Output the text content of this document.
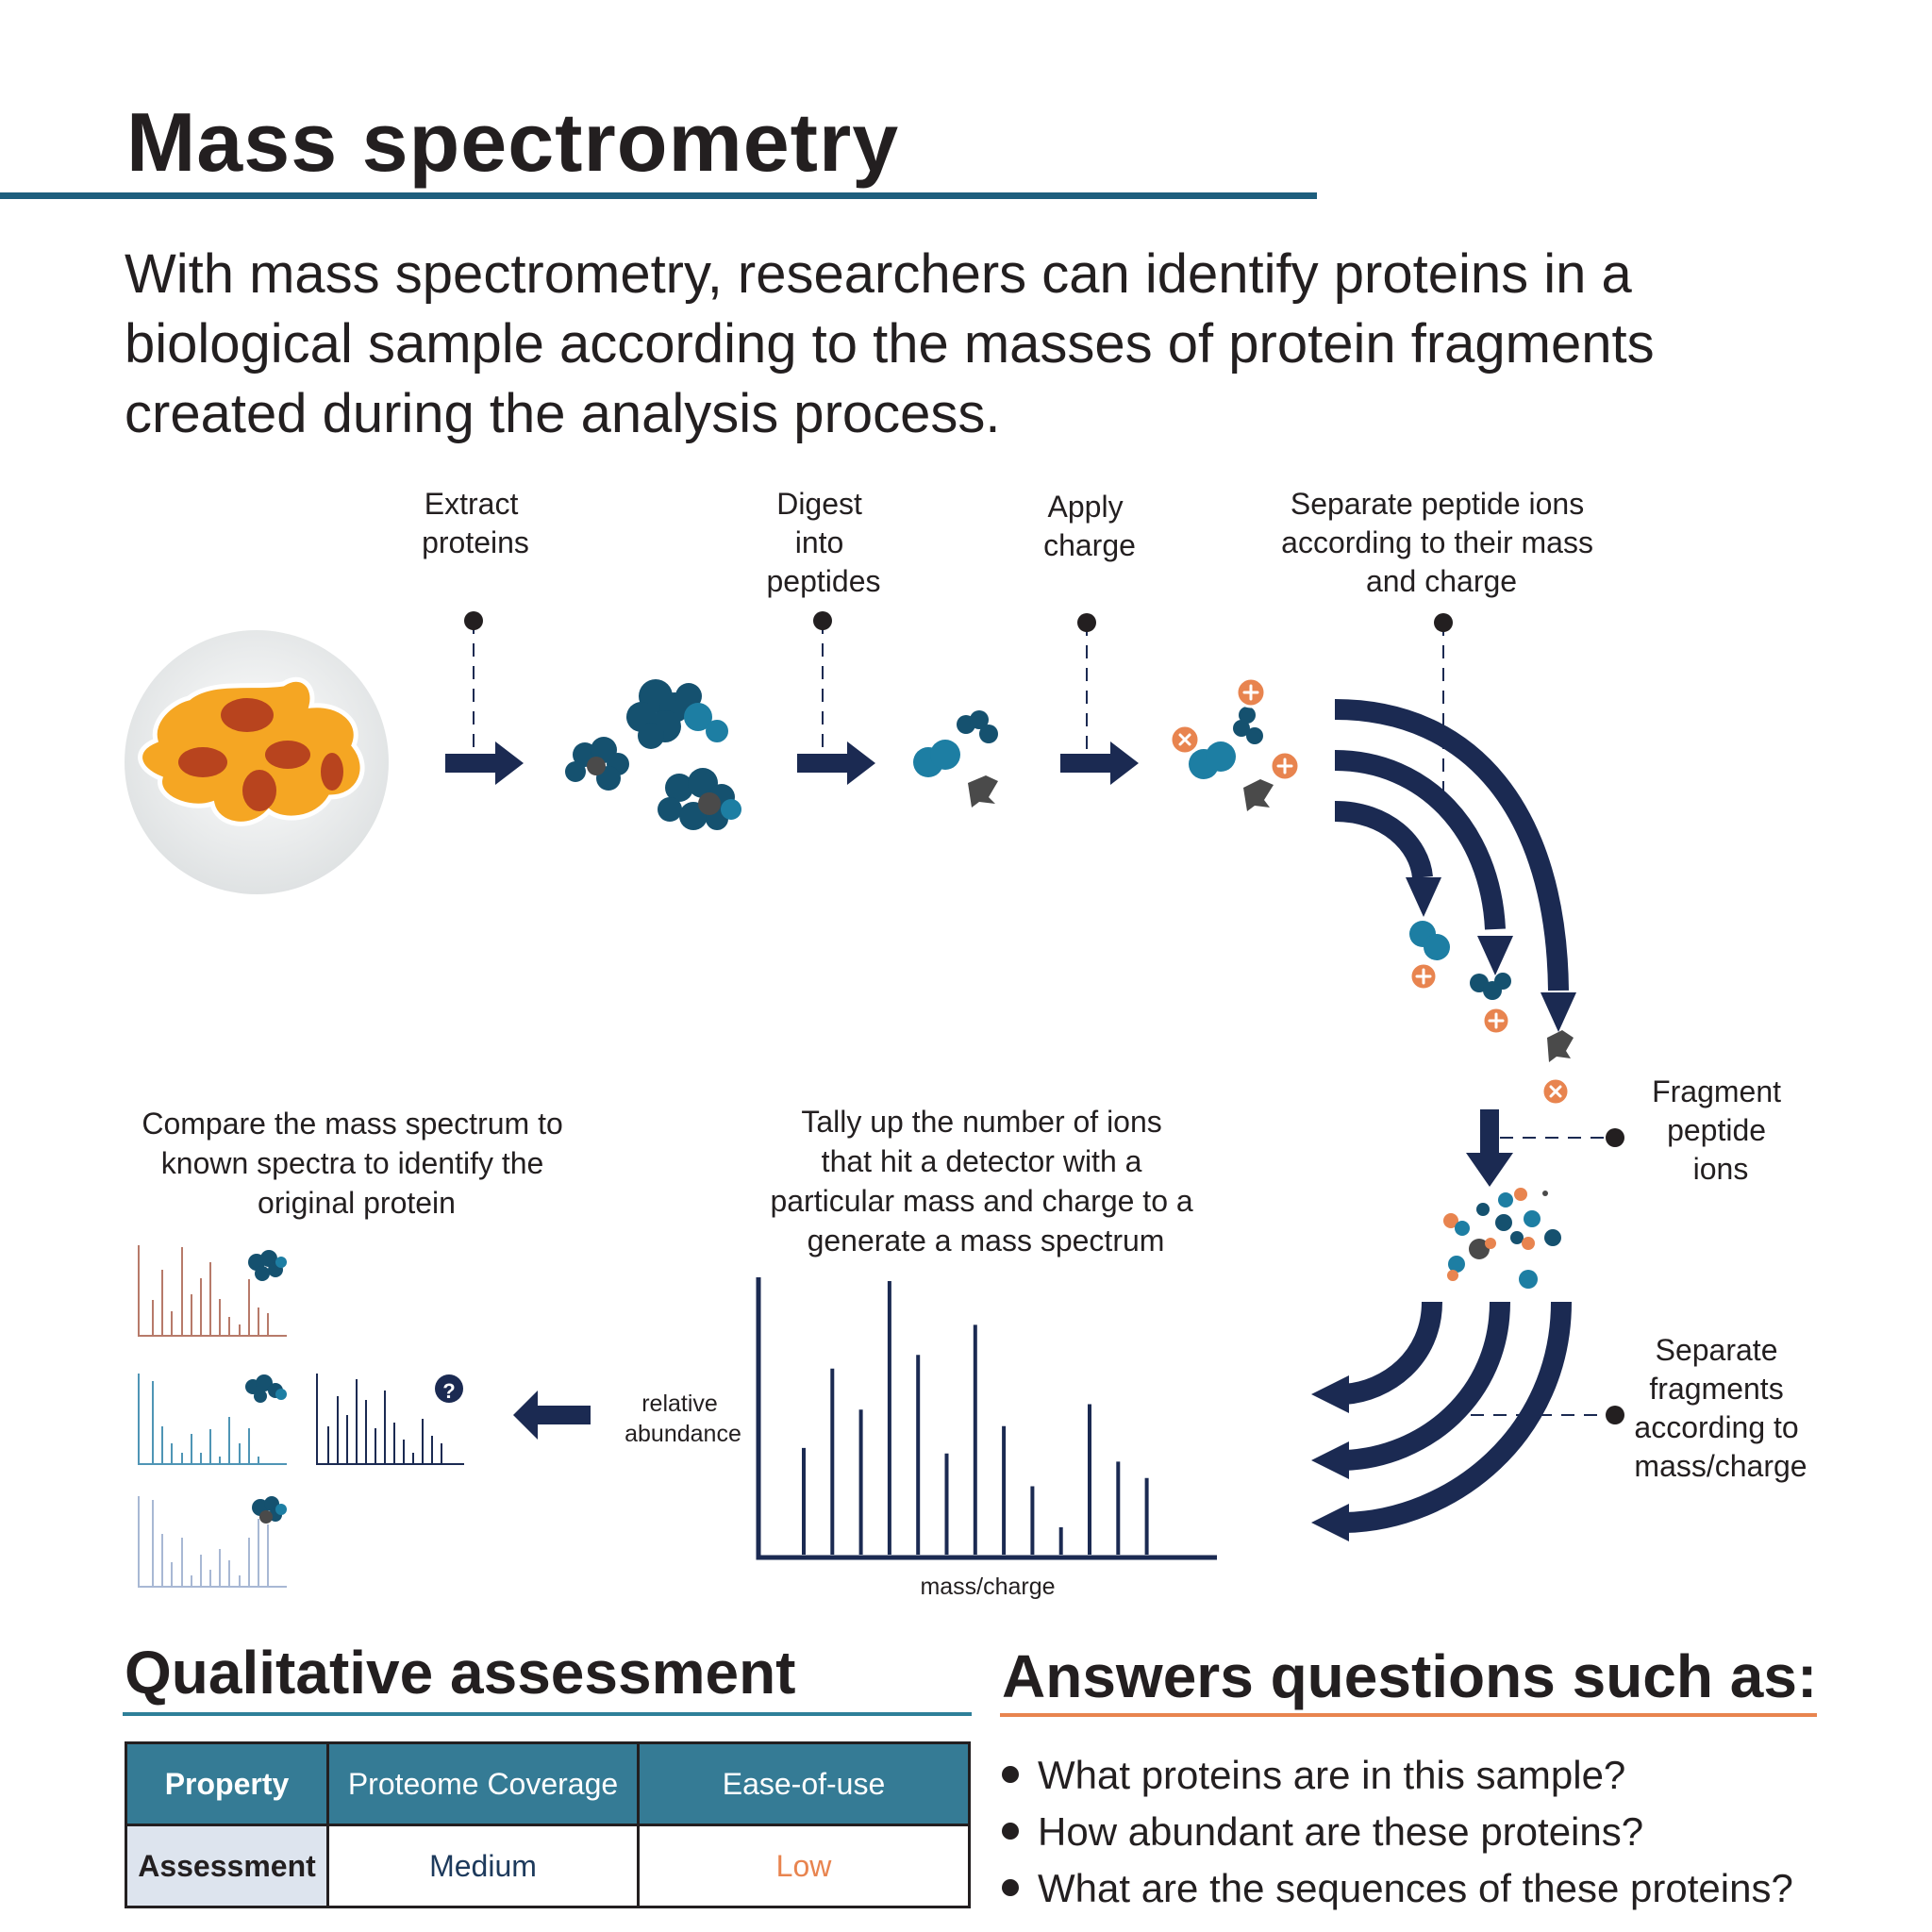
Mass spectrometry

With mass spectrometry, researchers can identify proteins in a biological sample according to the masses of protein fragments created during the analysis process.

Extract proteins
Digest into peptides
Apply charge
Separate peptide ions according to their mass and charge
Fragment peptide ions
Separate fragments according to mass/charge
Tally up the number of ions that hit a detector with a particular mass and charge to a generate a mass spectrum
relative abundance
mass/charge
Compare the mass spectrum to known spectra to identify the original protein
?
Qualitative assessment
Property	Proteome Coverage	Ease-of-use
Assessment	Medium	Low
Answers questions such as:
What proteins are in this sample?
How abundant are these proteins?
What are the sequences of these proteins?
